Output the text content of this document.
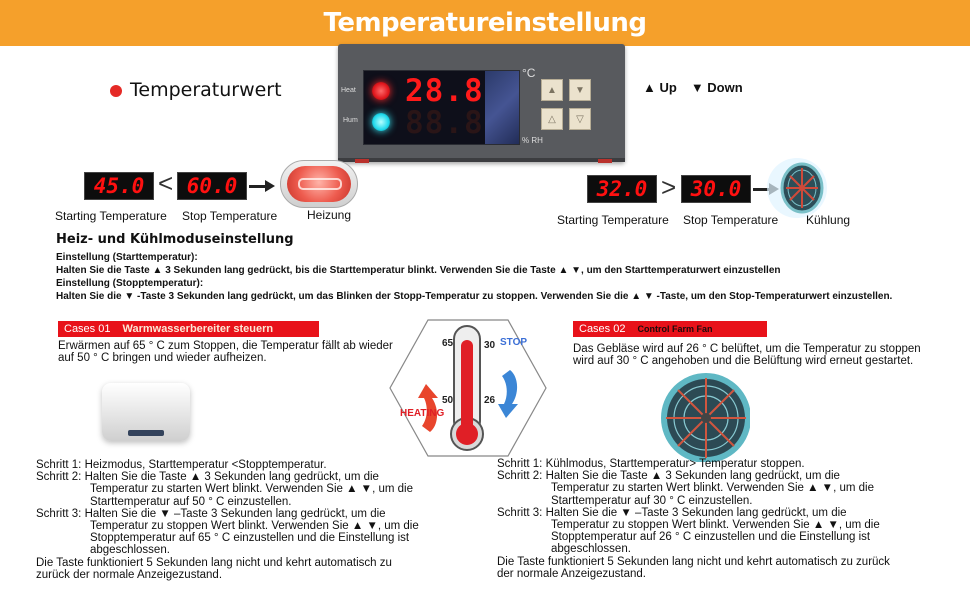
Temperatureinstellung
Temperaturwert	Heat
Hum
°C
% RH
28.8
88.8
▲ ▼
△ ▽
▲ Up ▼ Down
45.0 < 60.0
Starting Temperature Stop Temperature Heizung
32.0 > 30.0
Starting Temperature Stop Temperature Kühlung
Heiz- und Kühlmoduseinstellung
Einstellung (Starttemperatur):
Halten Sie die Taste ▲ 3 Sekunden lang gedrückt, bis die Starttemperatur blinkt. Verwenden Sie die Taste ▲ ▼, um den Starttemperaturwert einzustellen
Einstellung (Stopptemperatur):
Halten Sie die ▼ -Taste 3 Sekunden lang gedrückt, um das Blinken der Stopp-Temperatur zu stoppen. Verwenden Sie die ▲ ▼ -Taste, um den Stop-Temperaturwert einzustellen.
Cases 01	Warmwasserbereiter steuern
Erwärmen auf 65 ° C zum Stoppen, die Temperatur fällt ab wieder auf 50 ° C bringen und wieder aufheizen.
Cases 02	Control Farm Fan
Das Gebläse wird auf 26 ° C belüftet, um die Temperatur zu stoppen wird auf 30 ° C angehoben und die Belüftung wird erneut gestartet.
65	30 STOP
50	26
HEATING
Schritt 1: Heizmodus, Starttemperatur <Stopptemperatur.
Schritt 2: Halten Sie die Taste ▲ 3 Sekunden lang gedrückt, um die
Temperatur zu starten Wert blinkt. Verwenden Sie ▲ ▼, um die
Starttemperatur auf 50 ° C einzustellen.
Schritt 3: Halten Sie die ▼ –Taste 3 Sekunden lang gedrückt, um die
Temperatur zu stoppen Wert blinkt. Verwenden Sie ▲ ▼, um die
Stopptemperatur auf 65 ° C einzustellen und die Einstellung ist
abgeschlossen.
Die Taste funktioniert 5 Sekunden lang nicht und kehrt automatisch zu
zurück der normale Anzeigezustand.
Schritt 1: Kühlmodus, Starttemperatur> Temperatur stoppen.
Schritt 2: Halten Sie die Taste ▲ 3 Sekunden lang gedrückt, um die
Temperatur zu starten Wert blinkt. Verwenden Sie ▲ ▼, um die
Starttemperatur auf 30 ° C einzustellen.
Schritt 3: Halten Sie die ▼ –Taste 3 Sekunden lang gedrückt, um die
Temperatur zu stoppen Wert blinkt. Verwenden Sie ▲ ▼, um die
Stopptemperatur auf 26 ° C einzustellen und die Einstellung ist
abgeschlossen.
Die Taste funktioniert 5 Sekunden lang nicht und kehrt automatisch zu zurück
der normale Anzeigezustand.
